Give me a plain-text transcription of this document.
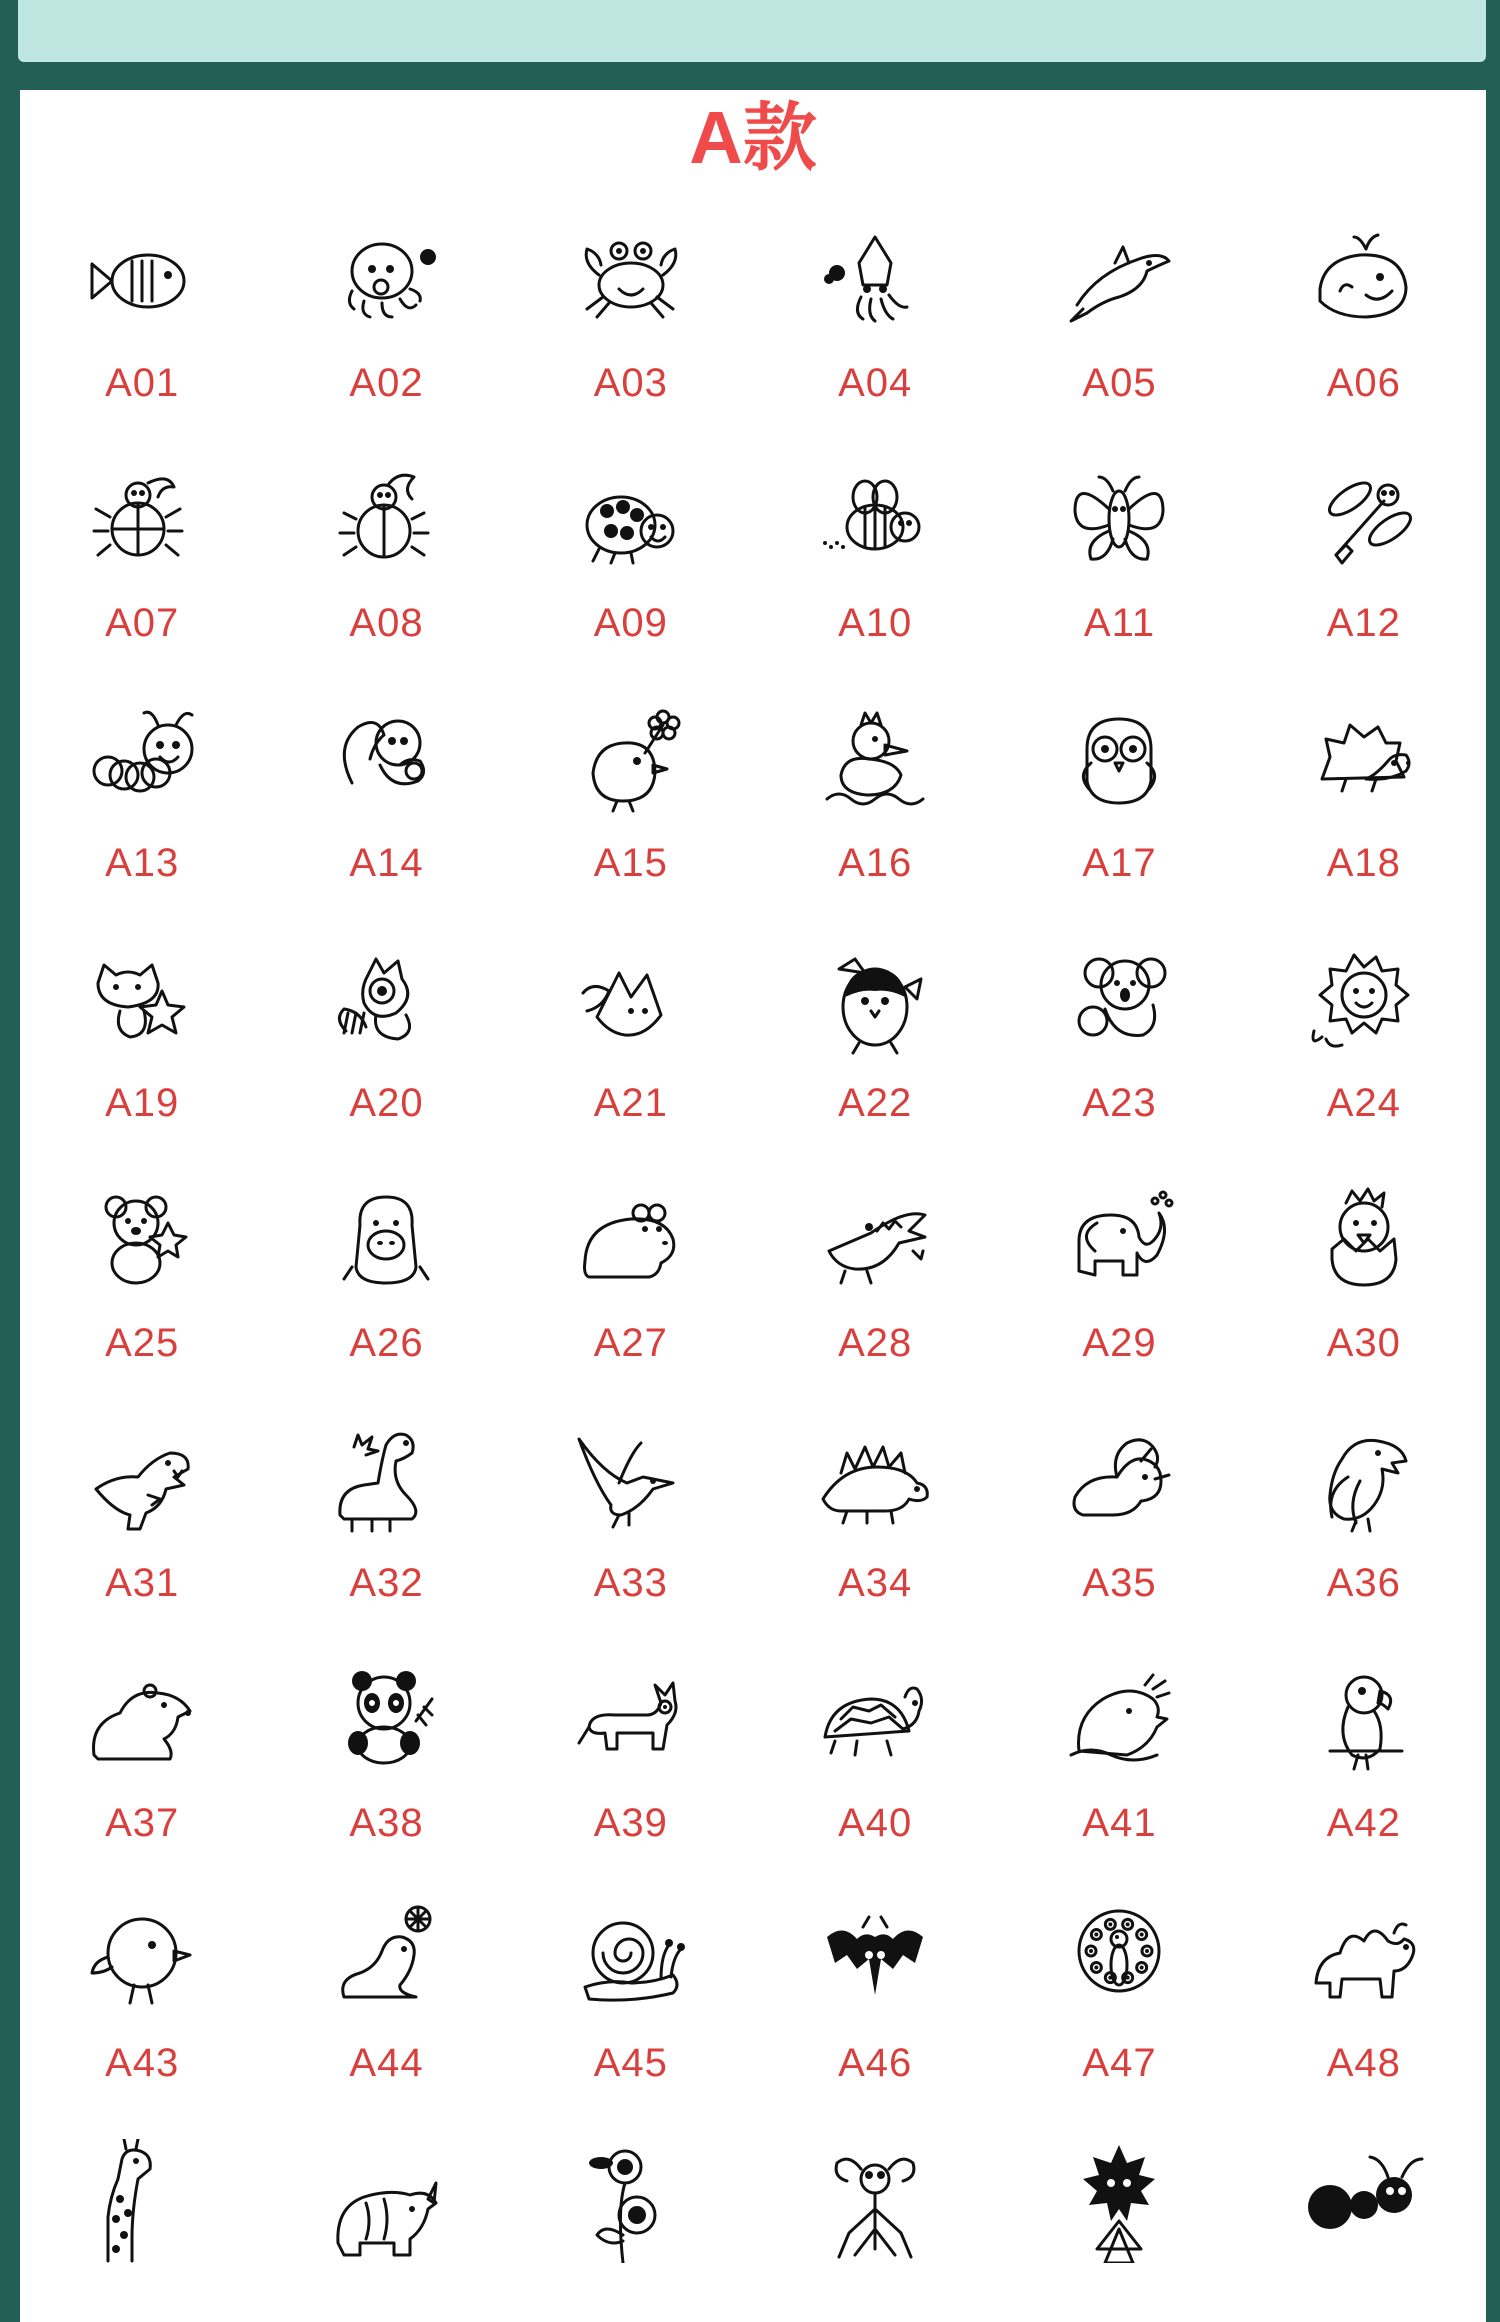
A款
A01	A02	A03	A04	A05	A06
A07	A08	A09	A10	A11	A12
A13	A14	A15	A16	A17	A18
A19	A20	A21	A22	A23	A24
A25	A26	A27	A28	A29	A30
A31	A32	A33	A34	A35	A36
A37	A38	A39	A40	A41	A42
A43	A44	A45	A46	A47	A48
